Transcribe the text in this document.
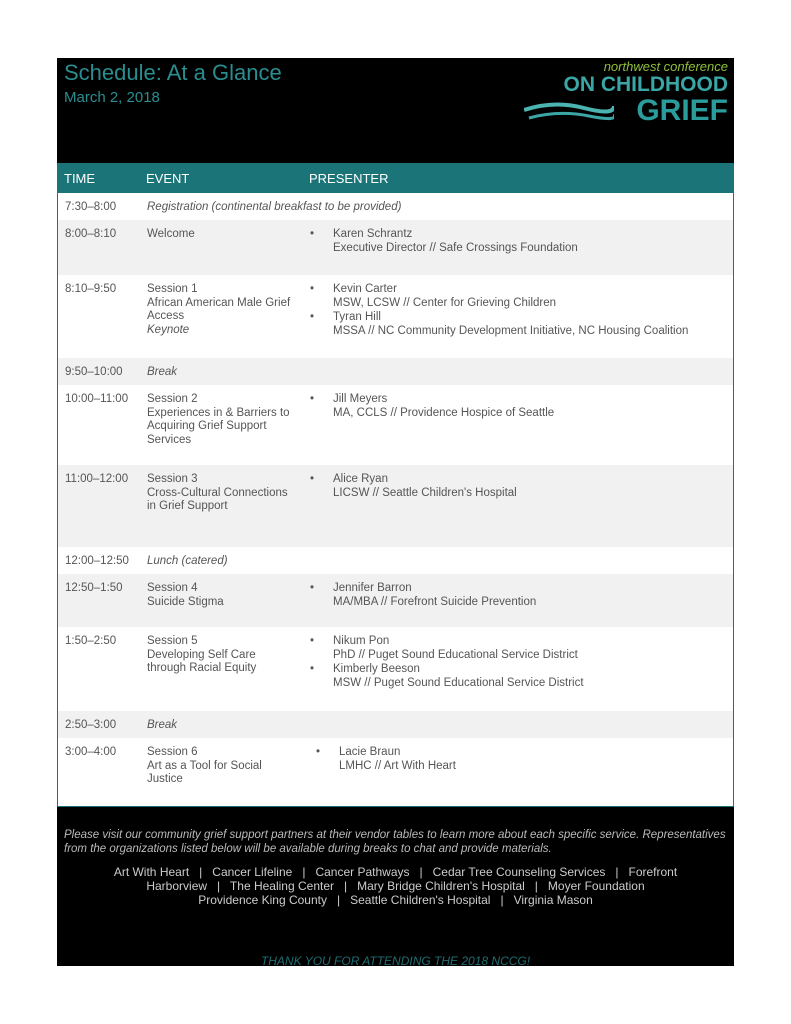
Schedule: At a Glance
March 2, 2018
northwest conference
ON CHILDHOOD
GRIEF
TIME	EVENT	PRESENTER
7:30–8:00	Registration (continental breakfast to be provided)
8:00–8:10	Welcome	• Karen Schrantz
Executive Director // Safe Crossings Foundation
8:10–9:50	Session 1
African American Male Grief Access
Keynote
• Kevin Carter
MSW, LCSW // Center for Grieving Children
• Tyran Hill
MSSA // NC Community Development Initiative, NC Housing Coalition
9:50–10:00 Break
10:00–11:00 Session 2
Experiences in & Barriers to Acquiring Grief Support Services
• Jill Meyers
MA, CCLS // Providence Hospice of Seattle
11:00–12:00 Session 3
Cross-Cultural Connections in Grief Support
• Alice Ryan
LICSW // Seattle Children's Hospital
12:00–12:50 Lunch (catered)
12:50–1:50 Session 4
Suicide Stigma
• Jennifer Barron
MA/MBA // Forefront Suicide Prevention
1:50–2:50	Session 5
Developing Self Care through Racial Equity
• Nikum Pon
PhD // Puget Sound Educational Service District
• Kimberly Beeson
MSW // Puget Sound Educational Service District
2:50–3:00	Break
3:00–4:00	Session 6
Art as a Tool for Social Justice
• Lacie Braun
LMHC // Art With Heart
Please visit our community grief support partners at their vendor tables to learn more about each specific service. Representatives from the organizations listed below will be available during breaks to chat and provide materials.
Art With Heart   |   Cancer Lifeline   |   Cancer Pathways   |   Cedar Tree Counseling Services   |   Forefront
Harborview   |   The Healing Center   |   Mary Bridge Children's Hospital   |   Moyer Foundation
Providence King County   |   Seattle Children's Hospital   |   Virginia Mason
THANK YOU FOR ATTENDING THE 2018 NCCG!
